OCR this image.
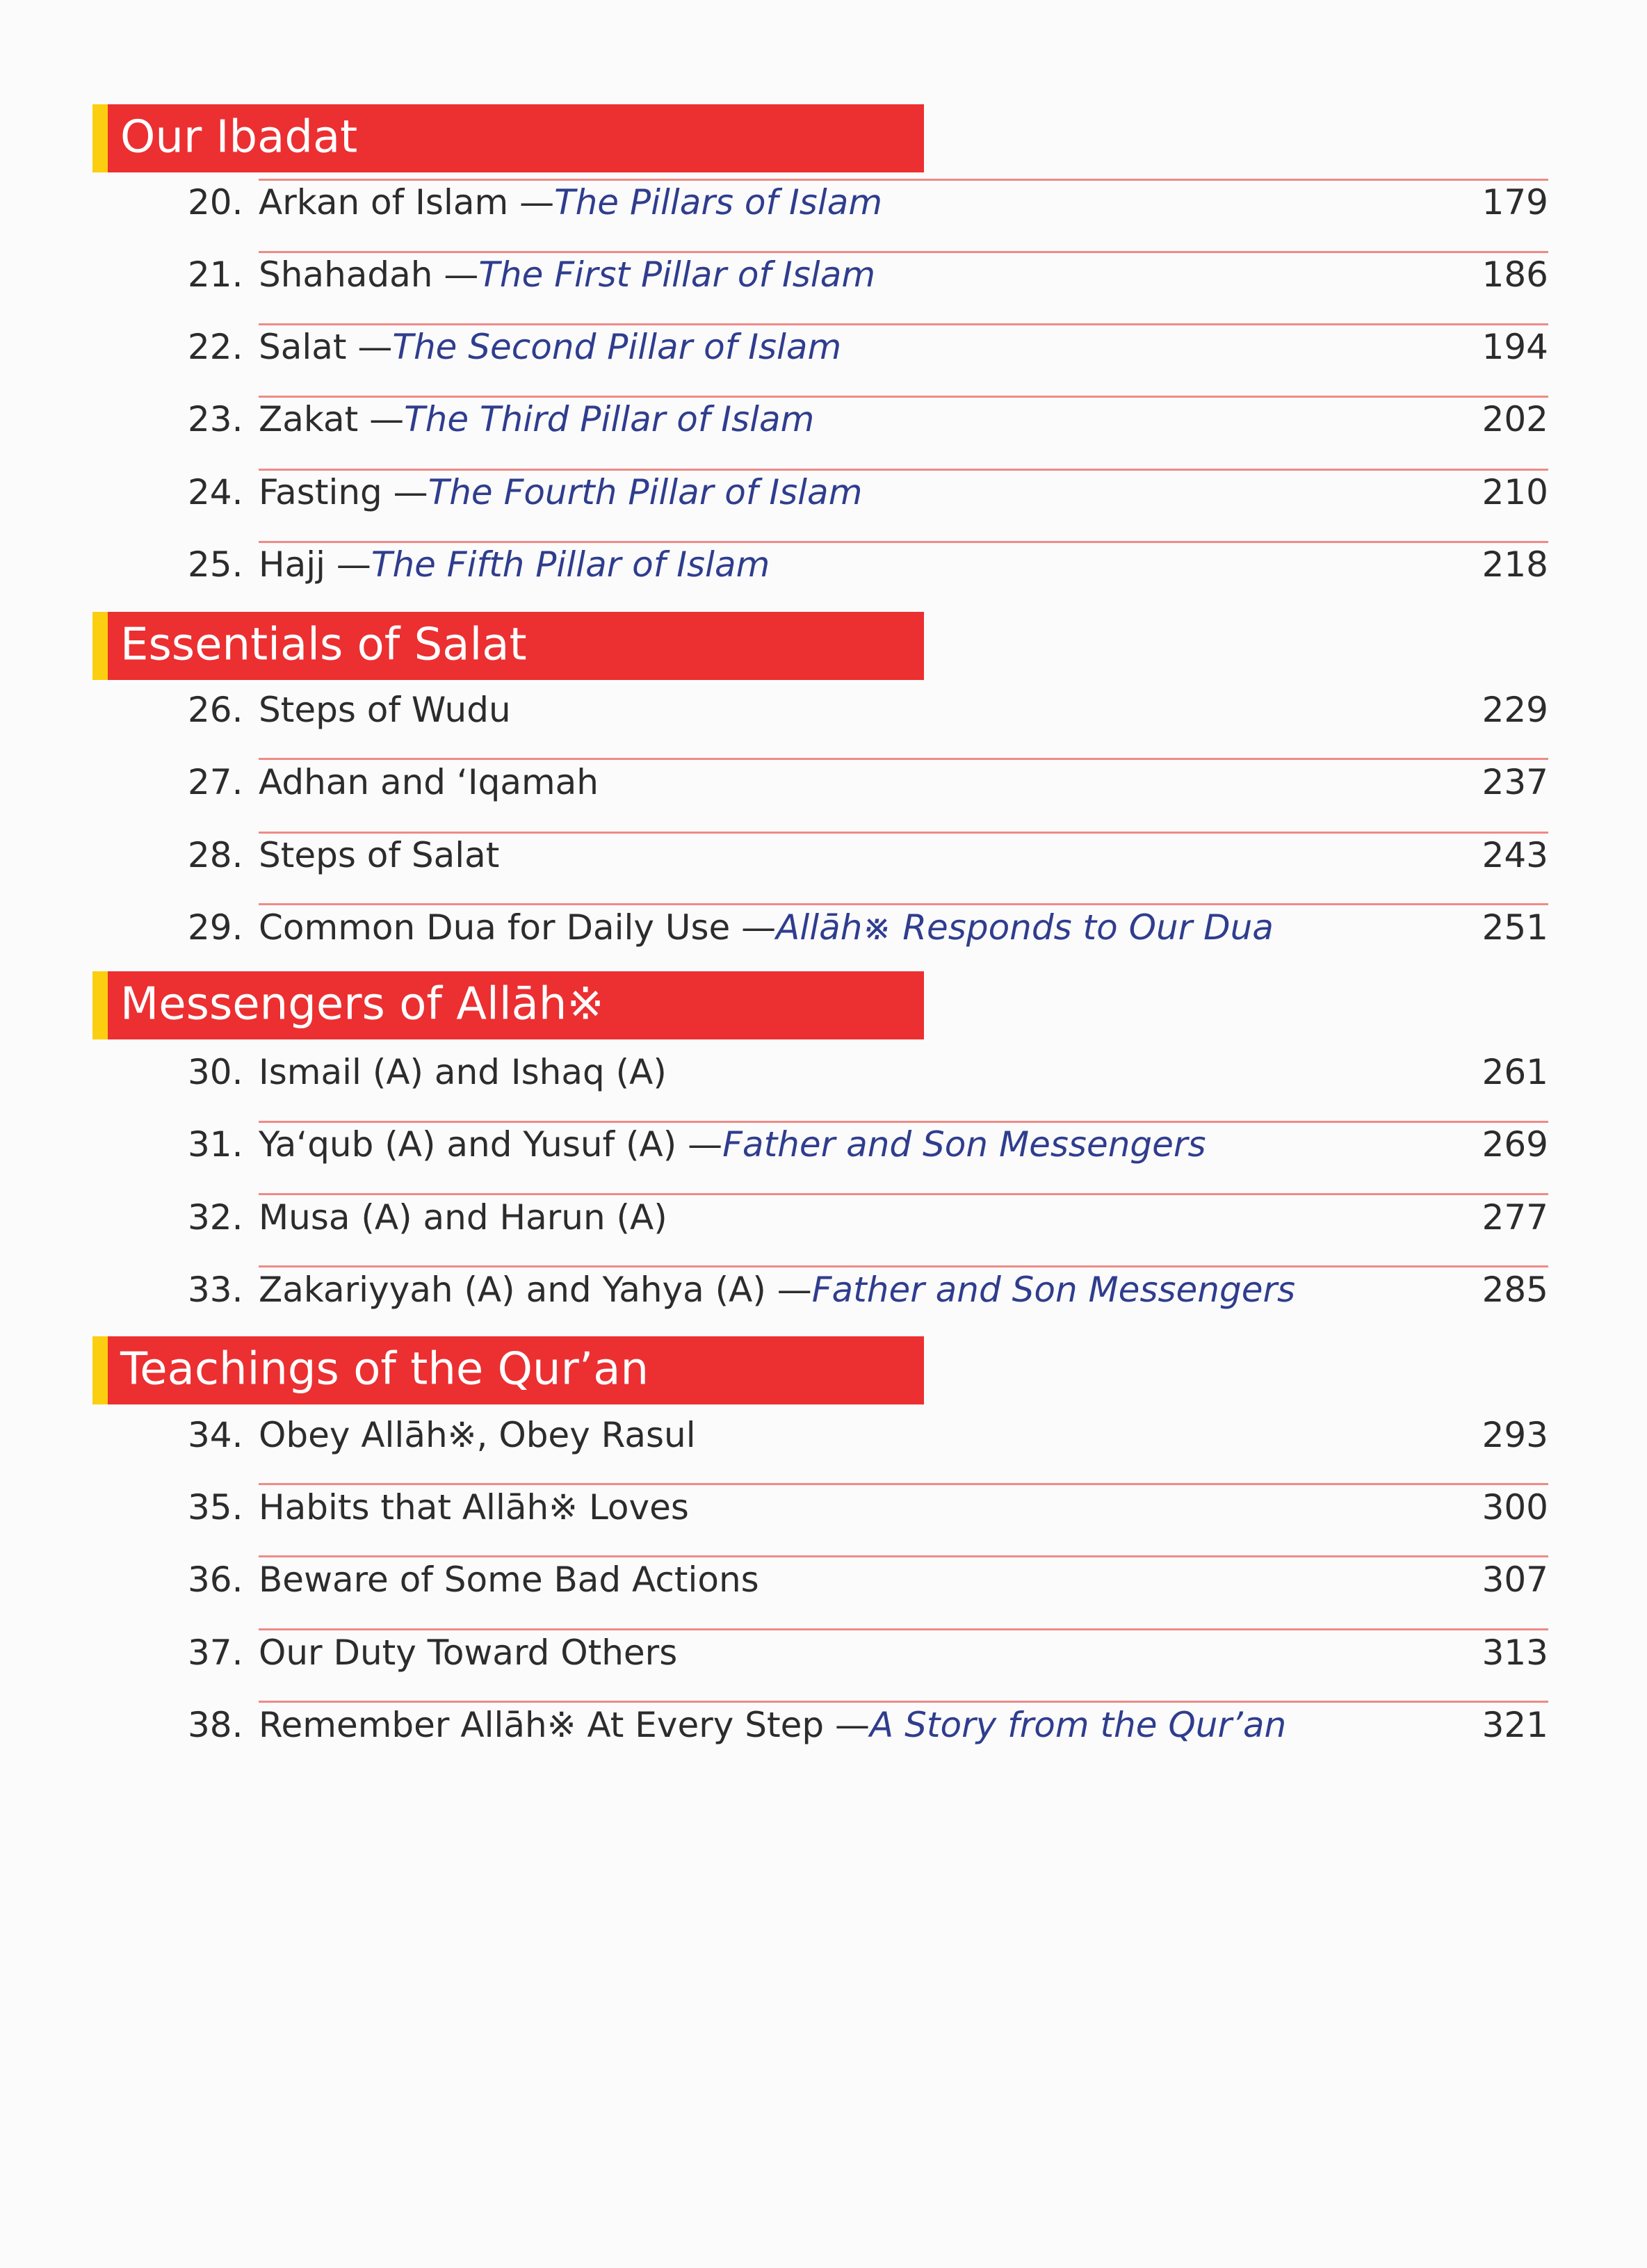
Our Ibadat
20. Arkan of Islam —The Pillars of Islam	179
21. Shahadah —The First Pillar of Islam	186
22. Salat —The Second Pillar of Islam	194
23. Zakat —The Third Pillar of Islam	202
24. Fasting —The Fourth Pillar of Islam	210
25. Hajj —The Fifth Pillar of Islam	218
Essentials of Salat
26. Steps of Wudu	229
27. Adhan and ‘Iqamah	237
28. Steps of Salat	243
29. Common Dua for Daily Use —Allāh※ Responds to Our Dua	251
Messengers of Allāh※
30. Ismail (A) and Ishaq (A)	261
31. Ya‘qub (A) and Yusuf (A) —Father and Son Messengers	269
32. Musa (A) and Harun (A)	277
33. Zakariyyah (A) and Yahya (A) —Father and Son Messengers	285
Teachings of the Qur’an
34. Obey Allāh※, Obey Rasul	293
35. Habits that Allāh※ Loves	300
36. Beware of Some Bad Actions	307
37. Our Duty Toward Others	313
38. Remember Allāh※ At Every Step —A Story from the Qur’an	321
